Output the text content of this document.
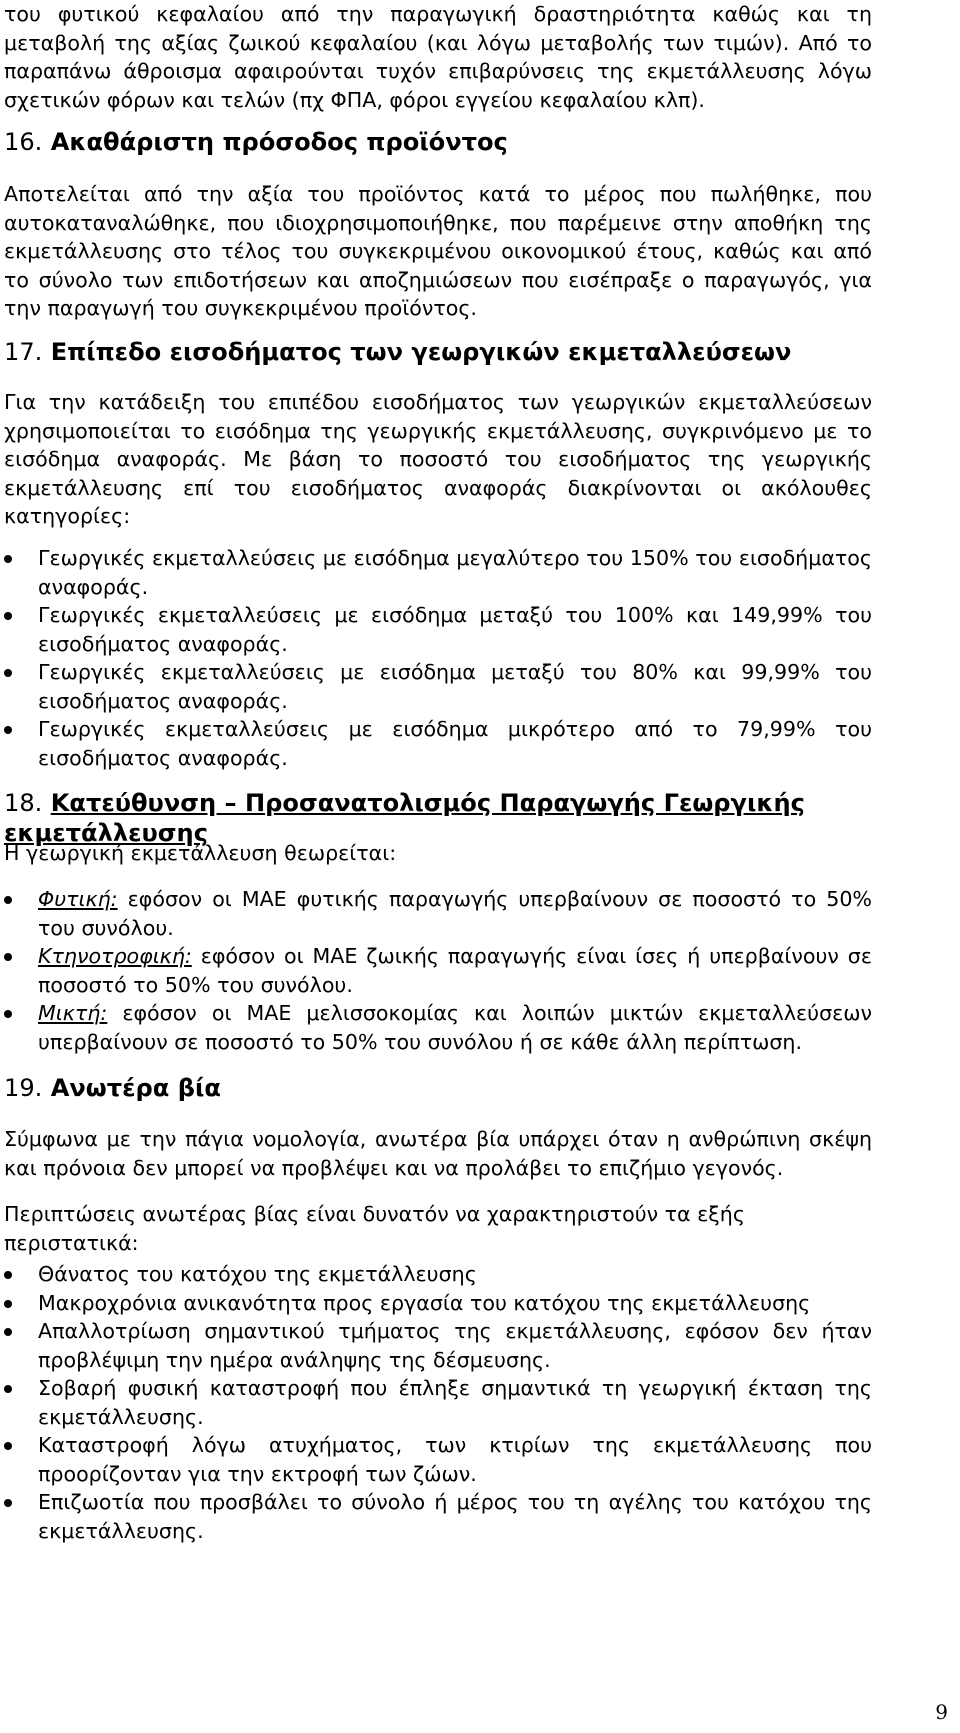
του φυτικού κεφαλαίου από την παραγωγική δραστηριότητα καθώς και τη μεταβολή της αξίας ζωικού κεφαλαίου (και λόγω μεταβολής των τιμών). Από το παραπάνω άθροισμα αφαιρούνται τυχόν επιβαρύνσεις της εκμετάλλευσης λόγω σχετικών φόρων και τελών (πχ ΦΠΑ, φόροι εγγείου κεφαλαίου κλπ).

16. Ακαθάριστη πρόσοδος προϊόντος

Αποτελείται από την αξία του προϊόντος κατά το μέρος που πωλήθηκε, που αυτοκαταναλώθηκε, που ιδιοχρησιμοποιήθηκε, που παρέμεινε στην αποθήκη της εκμετάλλευσης στο τέλος του συγκεκριμένου οικονομικού έτους, καθώς και από το σύνολο των επιδοτήσεων και αποζημιώσεων που εισέπραξε ο παραγωγός, για την παραγωγή του συγκεκριμένου προϊόντος.

17. Επίπεδο εισοδήματος των γεωργικών εκμεταλλεύσεων

Για την κατάδειξη του επιπέδου εισοδήματος των γεωργικών εκμεταλλεύσεων χρησιμοποιείται το εισόδημα της γεωργικής εκμετάλλευσης, συγκρινόμενο με το εισόδημα αναφοράς. Με βάση το ποσοστό του εισοδήματος της γεωργικής εκμετάλλευσης επί του εισοδήματος αναφοράς διακρίνονται οι ακόλουθες κατηγορίες:

Γεωργικές εκμεταλλεύσεις με εισόδημα μεγαλύτερο του 150% του εισοδήματος αναφοράς.
Γεωργικές εκμεταλλεύσεις με εισόδημα μεταξύ του 100% και 149,99% του εισοδήματος αναφοράς.
Γεωργικές εκμεταλλεύσεις με εισόδημα μεταξύ του 80% και 99,99% του εισοδήματος αναφοράς.
Γεωργικές εκμεταλλεύσεις με εισόδημα μικρότερο από το 79,99% του εισοδήματος αναφοράς.
18. Κατεύθυνση – Προσανατολισμός Παραγωγής Γεωργικής εκμετάλλευσης

Η γεωργική εκμετάλλευση θεωρείται:

Φυτική: εφόσον οι ΜΑΕ φυτικής παραγωγής υπερβαίνουν σε ποσοστό το 50% του συνόλου.
Κτηνοτροφική: εφόσον οι ΜΑΕ ζωικής παραγωγής είναι ίσες ή υπερβαίνουν σε ποσοστό το 50% του συνόλου.
Μικτή: εφόσον οι ΜΑΕ μελισσοκομίας και λοιπών μικτών εκμεταλλεύσεων υπερβαίνουν σε ποσοστό το 50% του συνόλου ή σε κάθε άλλη περίπτωση.
19. Ανωτέρα βία

Σύμφωνα με την πάγια νομολογία, ανωτέρα βία υπάρχει όταν η ανθρώπινη σκέψη και πρόνοια δεν μπορεί να προβλέψει και να προλάβει το επιζήμιο γεγονός.

Περιπτώσεις ανωτέρας βίας είναι δυνατόν να χαρακτηριστούν τα εξής περιστατικά:

Θάνατος του κατόχου της εκμετάλλευσης
Μακροχρόνια ανικανότητα προς εργασία του κατόχου της εκμετάλλευσης
Απαλλοτρίωση σημαντικού τμήματος της εκμετάλλευσης, εφόσον δεν ήταν προβλέψιμη την ημέρα ανάληψης της δέσμευσης.
Σοβαρή φυσική καταστροφή που έπληξε σημαντικά τη γεωργική έκταση της εκμετάλλευσης.
Καταστροφή λόγω ατυχήματος, των κτιρίων της εκμετάλλευσης που προορίζονταν για την εκτροφή των ζώων.
Επιζωοτία που προσβάλει το σύνολο ή μέρος του τη αγέλης του κατόχου της εκμετάλλευσης.
9
